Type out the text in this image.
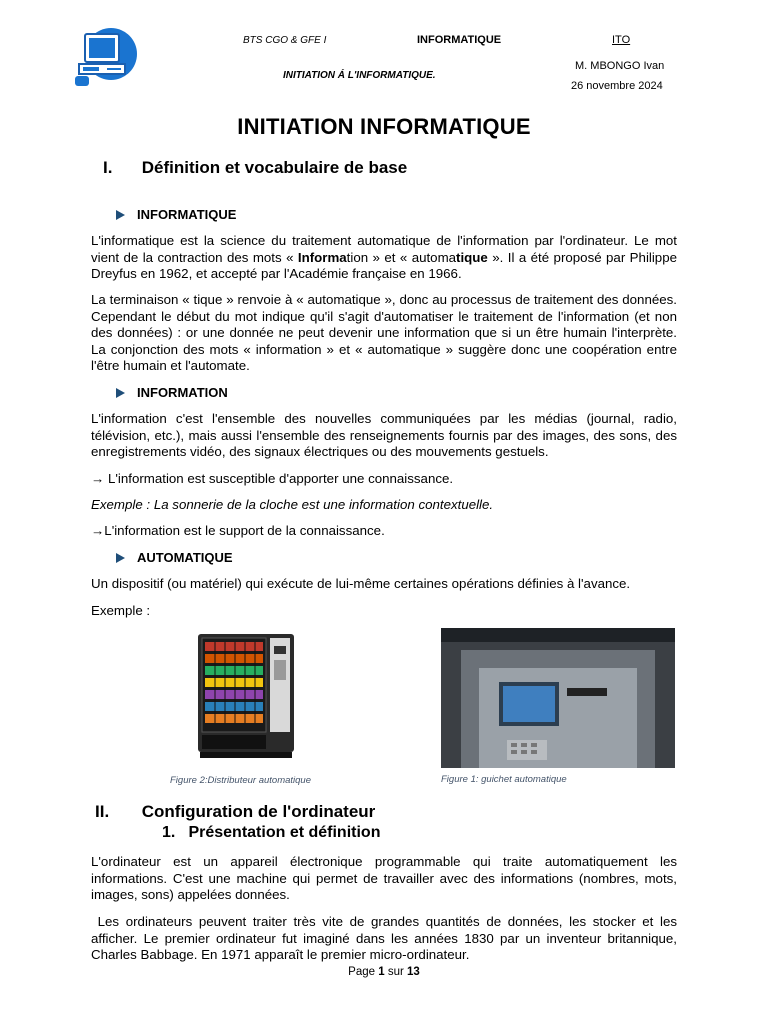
BTS CGO & GFE I	INFORMATIQUE	ITO
INITIATION Á L'INFORMATIQUE.
M. MBONGO Ivan
26 novembre 2024
INITIATION INFORMATIQUE
I. Définition et vocabulaire de base
INFORMATIQUE
L'informatique est la science du traitement automatique de l'information par l'ordinateur. Le mot vient de la contraction des mots « Information » et « automatique ». Il a été proposé par Philippe Dreyfus en 1962, et accepté par l'Académie française en 1966.
La terminaison « tique » renvoie à « automatique », donc au processus de traitement des données. Cependant le début du mot indique qu'il s'agit d'automatiser le traitement de l'information (et non des données) : or une donnée ne peut devenir une information que si un être humain l'interprète. La conjonction des mots « information » et « automatique » suggère donc une coopération entre l'être humain et l'automate.
INFORMATION
L'information c'est l'ensemble des nouvelles communiquées par les médias (journal, radio, télévision, etc.), mais aussi l'ensemble des renseignements fournis par des images, des sons, des enregistrements vidéo, des signaux électriques ou des mouvements gestuels.
→ L'information est susceptible d'apporter une connaissance.
Exemple : La sonnerie de la cloche est une information contextuelle.
→L'information est le support de la connaissance.
AUTOMATIQUE
Un dispositif (ou matériel) qui exécute de lui-même certaines opérations définies à l'avance.
Exemple :
Figure 2:Distributeur automatique	Figure 1: guichet automatique
II. Configuration de l'ordinateur
1. Présentation et définition
L'ordinateur est un appareil électronique programmable qui traite automatiquement les informations. C'est une machine qui permet de travailler avec des informations (nombres, mots, images, sons) appelées données.
Les ordinateurs peuvent traiter très vite de grandes quantités de données, les stocker et les afficher. Le premier ordinateur fut imaginé dans les années 1830 par un inventeur britannique, Charles Babbage. En 1971 apparaît le premier micro-ordinateur.
Page 1 sur 13
